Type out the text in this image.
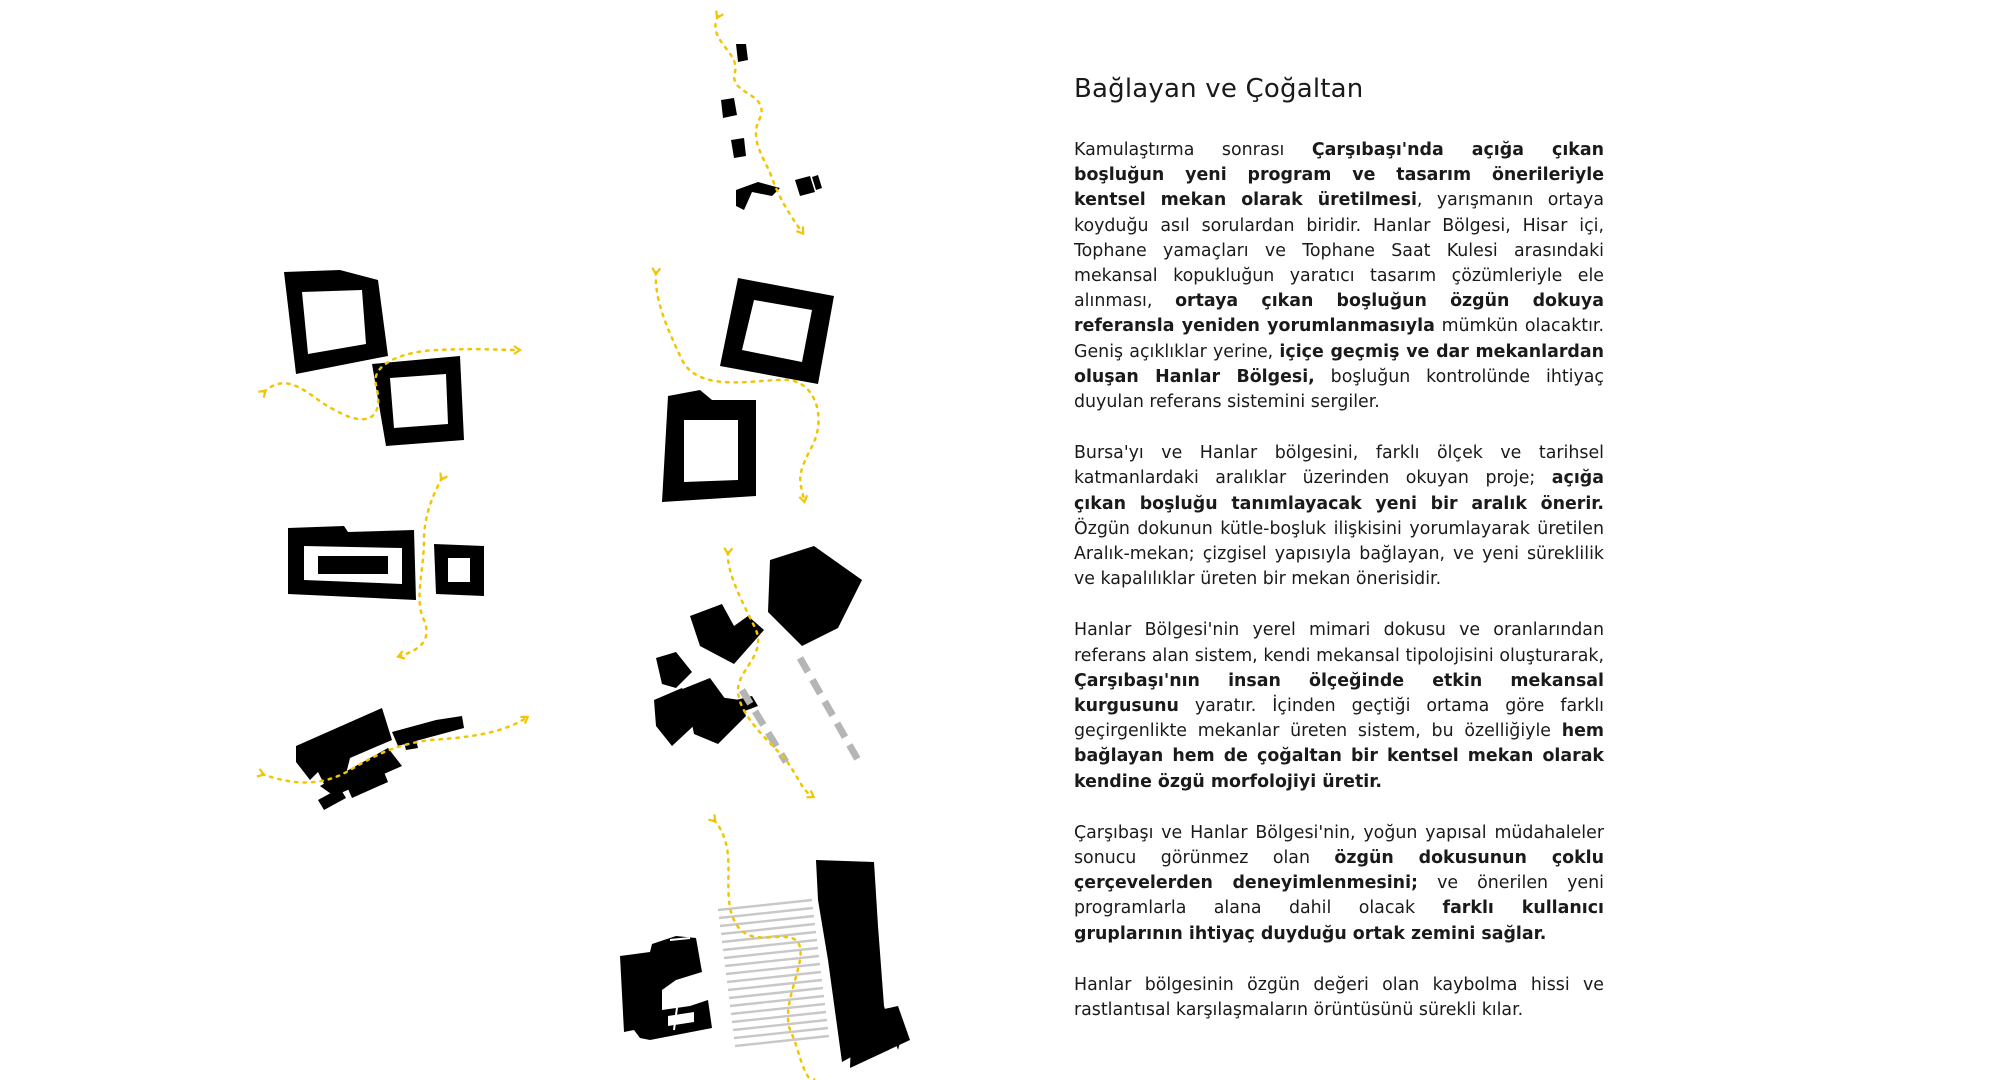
Bağlayan ve Çoğaltan

Kamulaştırma sonrası Çarşıbaşı'nda açığa çıkan boşluğun yeni program ve tasarım önerileriyle kentsel mekan olarak üretilmesi, yarışmanın ortaya koyduğu asıl sorulardan biridir. Hanlar Bölgesi, Hisar içi, Tophane yamaçları ve Tophane Saat Kulesi arasındaki mekansal kopukluğun yaratıcı tasarım çözümleriyle ele alınması, ortaya çıkan boşluğun özgün dokuya referansla yeniden yorumlanmasıyla mümkün olacaktır. Geniş açıklıklar yerine, içiçe geçmiş ve dar mekanlardan oluşan Hanlar Bölgesi, boşluğun kontrolünde ihtiyaç duyulan referans sistemini sergiler.

Bursa'yı ve Hanlar bölgesini, farklı ölçek ve tarihsel katmanlardaki aralıklar üzerinden okuyan proje; açığa çıkan boşluğu tanımlayacak yeni bir aralık önerir. Özgün dokunun kütle-boşluk ilişkisini yorumlayarak üretilen Aralık-mekan; çizgisel yapısıyla bağlayan, ve yeni süreklilik ve kapalılıklar üreten bir mekan önerisidir.

Hanlar Bölgesi'nin yerel mimari dokusu ve oranlarından referans alan sistem, kendi mekansal tipolojisini oluşturarak, Çarşıbaşı'nın insan ölçeğinde etkin mekansal kurgusunu yaratır. İçinden geçtiği ortama göre farklı geçirgenlikte mekanlar üreten sistem, bu özelliğiyle hem bağlayan hem de çoğaltan bir kentsel mekan olarak kendine özgü morfolojiyi üretir.

Çarşıbaşı ve Hanlar Bölgesi'nin, yoğun yapısal müdahaleler sonucu görünmez olan özgün dokusunun çoklu çerçevelerden deneyimlenmesini; ve önerilen yeni programlarla alana dahil olacak farklı kullanıcı gruplarının ihtiyaç duyduğu ortak zemini sağlar.

Hanlar bölgesinin özgün değeri olan kaybolma hissi ve rastlantısal karşılaşmaların örüntüsünü sürekli kılar.
